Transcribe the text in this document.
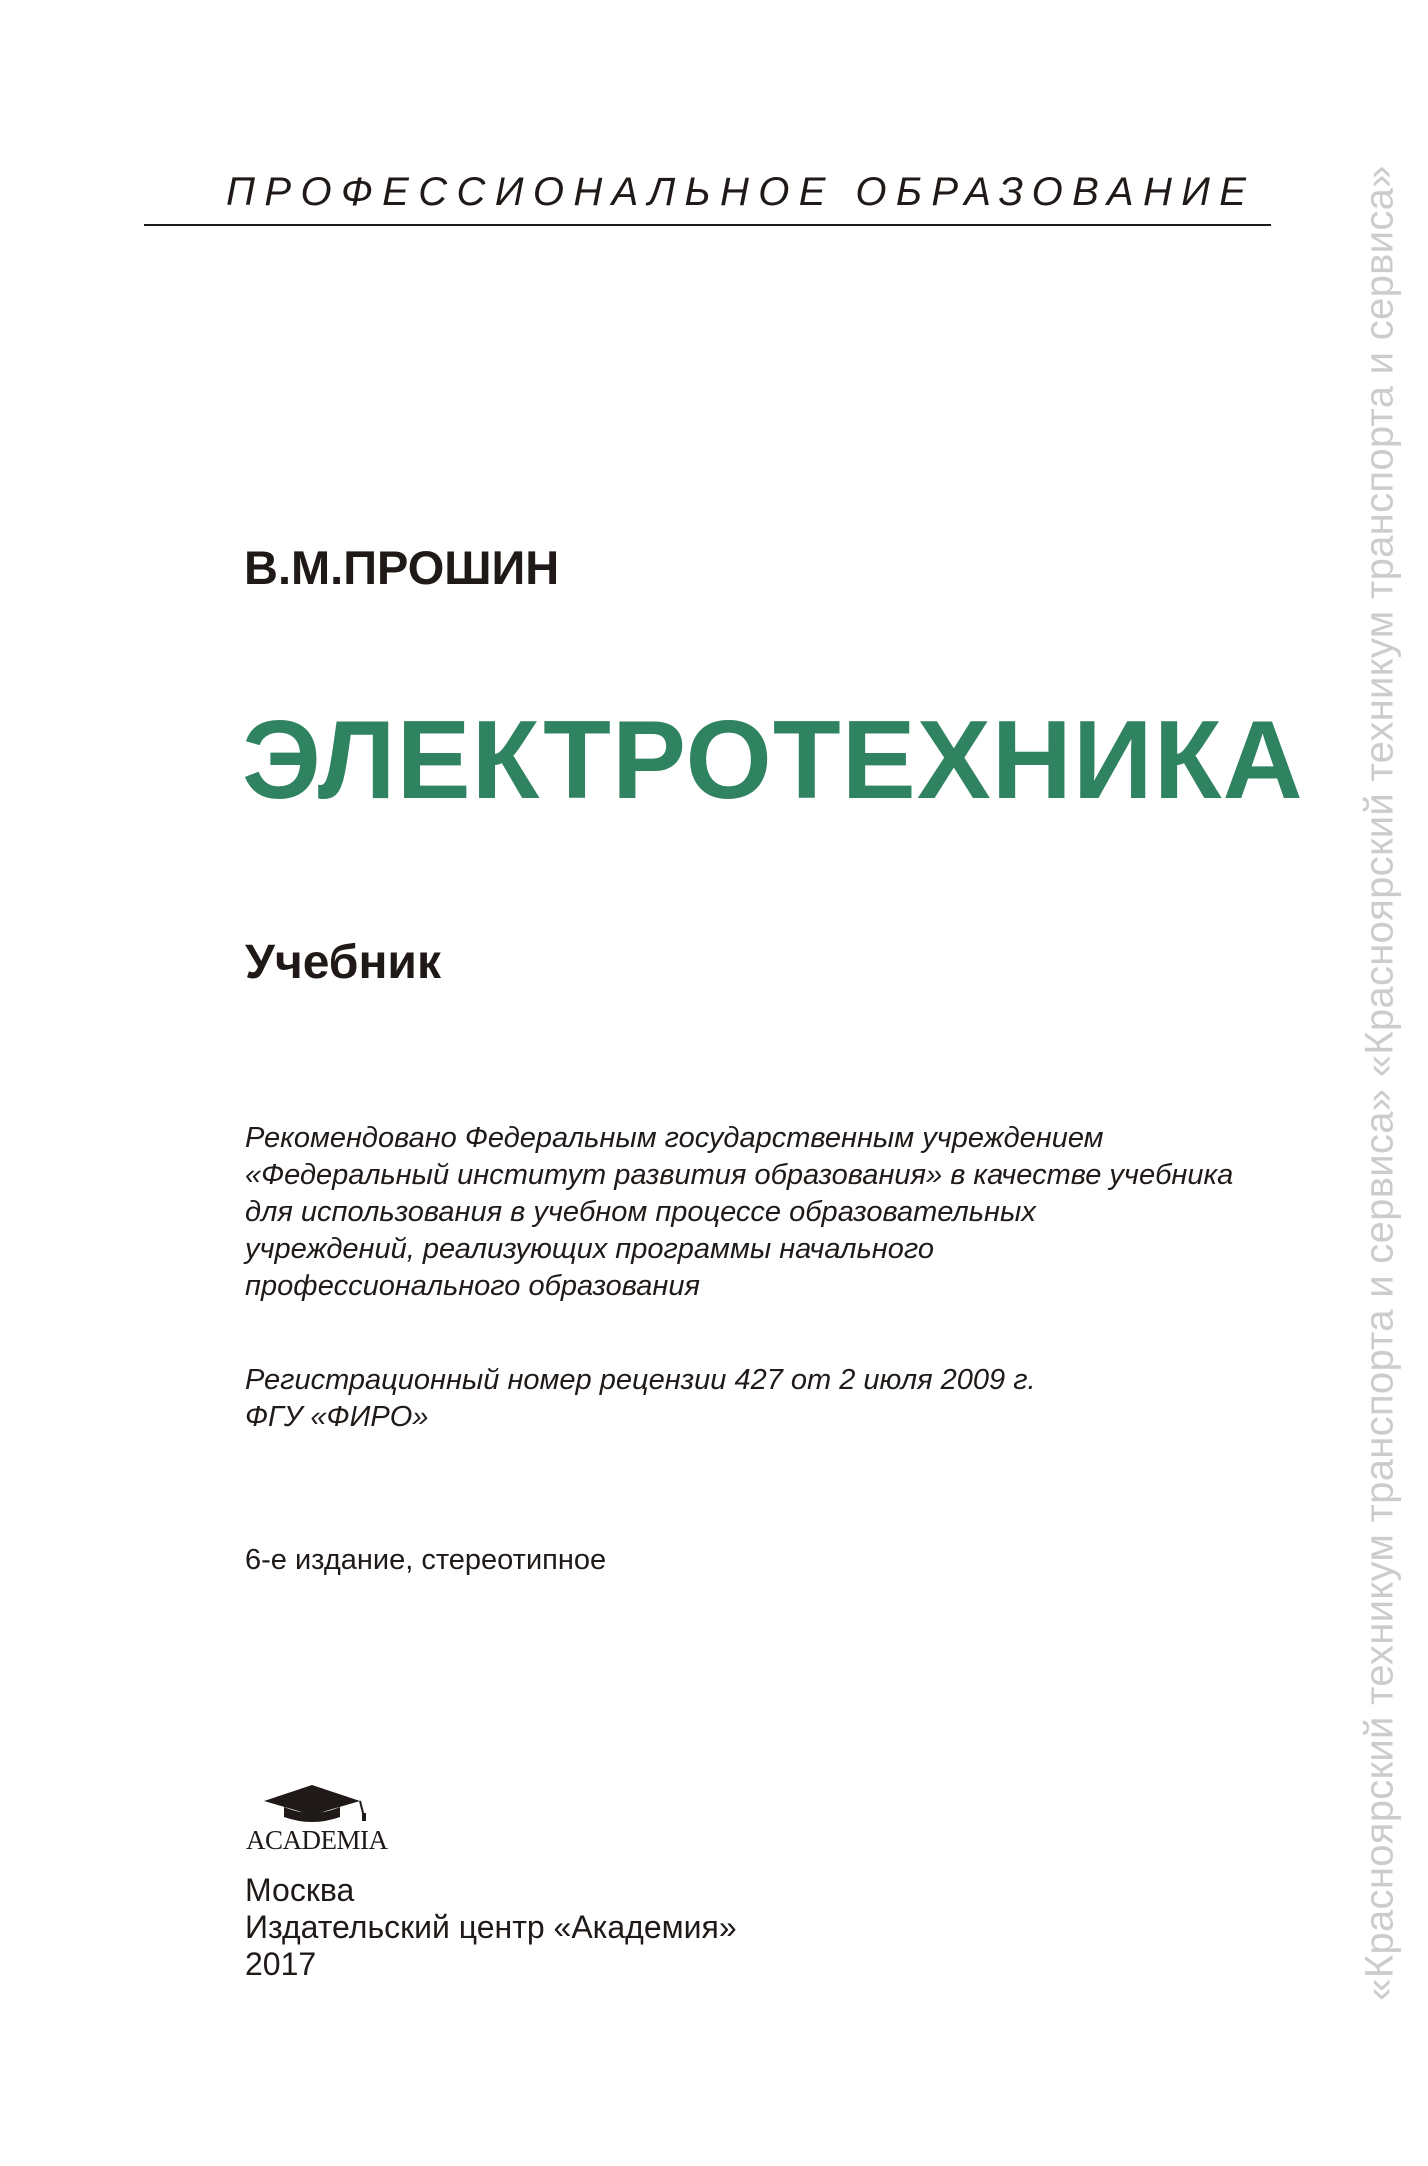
ПРОФЕССИОНАЛЬНОЕ ОБРАЗОВАНИЕ
В.М.ПРОШИН
ЭЛЕКТРОТЕХНИКА
Учебник
Рекомендовано Федеральным государственным учреждением
«Федеральный институт развития образования» в качестве учебника
для использования в учебном процессе образовательных
учреждений, реализующих программы начального
профессионального образования
Регистрационный номер рецензии 427 от 2 июля 2009 г.
ФГУ «ФИРО»
6-е издание, стереотипное
ACADEMIA
Москва
Издательский центр «Академия»
2017	«Красноярский техникум транспорта и сервиса» «Красноярский техникум транспорта и сервиса»
